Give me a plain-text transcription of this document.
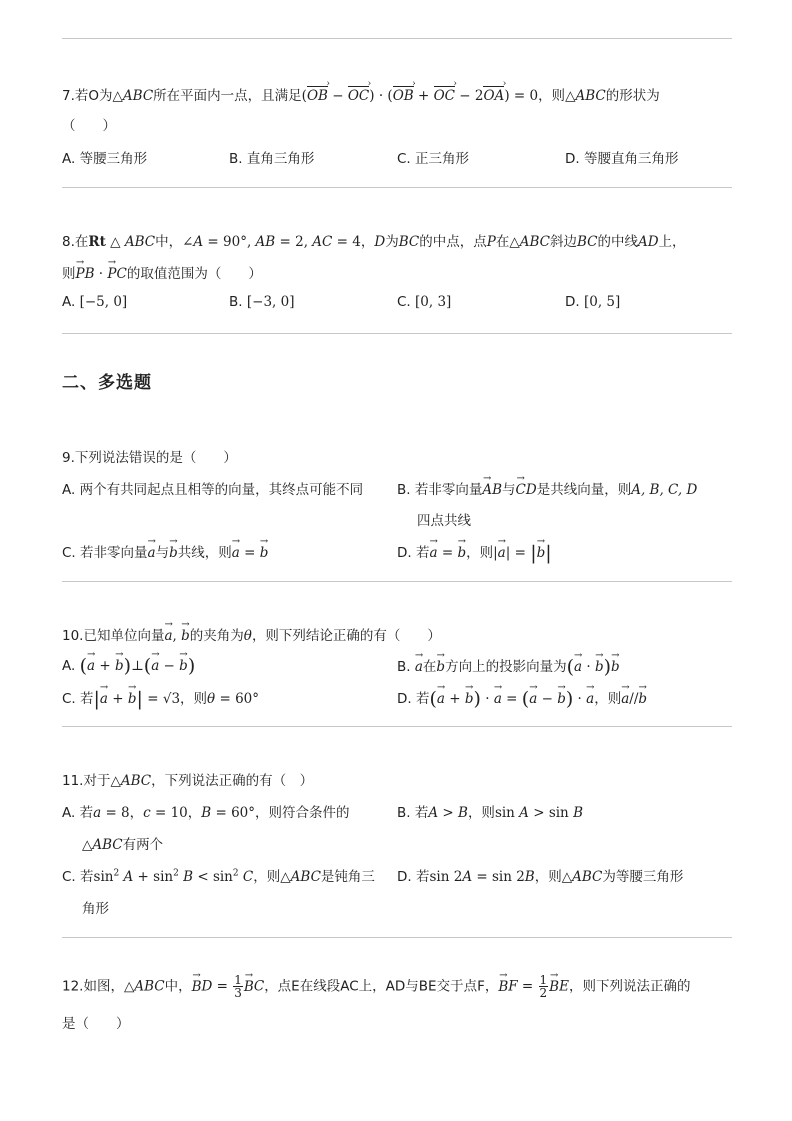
7.若O为△ABC所在平面内一点，且满足(OB › − OC ›) · (OB › + OC › − 2OA ›) = 0，则△ABC的形状为
（　　）
A. 等腰三角形	B. 直角三角形	C. 正三角形	D. 等腰直角三角形
8.在Rt △ ABC中，∠A = 90°, AB = 2, AC = 4，D为BC的中点，点P在△ABC斜边BC的中线AD上，
则→ PB · → PC的取值范围为（　　）
A. [−5, 0]	B. [−3, 0]	C. [0, 3]	D. [0, 5]
二、多选题
9.下列说法错误的是（　　）
A. 两个有共同起点且相等的向量，其终点可能不同	B. 若非零向量→ AB与→ CD是共线向量，则A, B, C, D
四点共线
C. 若非零向量→ a与→ b共线，则→ a = → b	D. 若→ a = → b，则|→ a| = |→ b|
10.已知单位向量→ a, → b的夹角为θ，则下列结论正确的有（　　）
A. (→ a + → b)⊥(→ a − → b)	B. → a在→ b方向上的投影向量为(→ a · → b)→ b
C. 若|→ a + → b| = √3，则θ = 60°	D. 若(→ a + → b) · → a = (→ a − → b) · → a，则→ a//→ b
11.对于△ABC，下列说法正确的有（　）
A. 若a = 8，c = 10，B = 60°，则符合条件的
△ABC有两个
B. 若A > B，则sin A > sin B
C. 若$\sin^2 A + \sin^2 B < \sin^2 C$，则△ABC是钝角三
角形
D. 若sin 2A = sin 2B，则△ABC为等腰三角形
12.如图，△ABC中，→ BD = $\frac{1}{3}$ → BC，点E在线段AC上，AD与BE交于点F，→ BF = $\frac{1}{2}$ → BE，则下列说法正确的
是（　　）
